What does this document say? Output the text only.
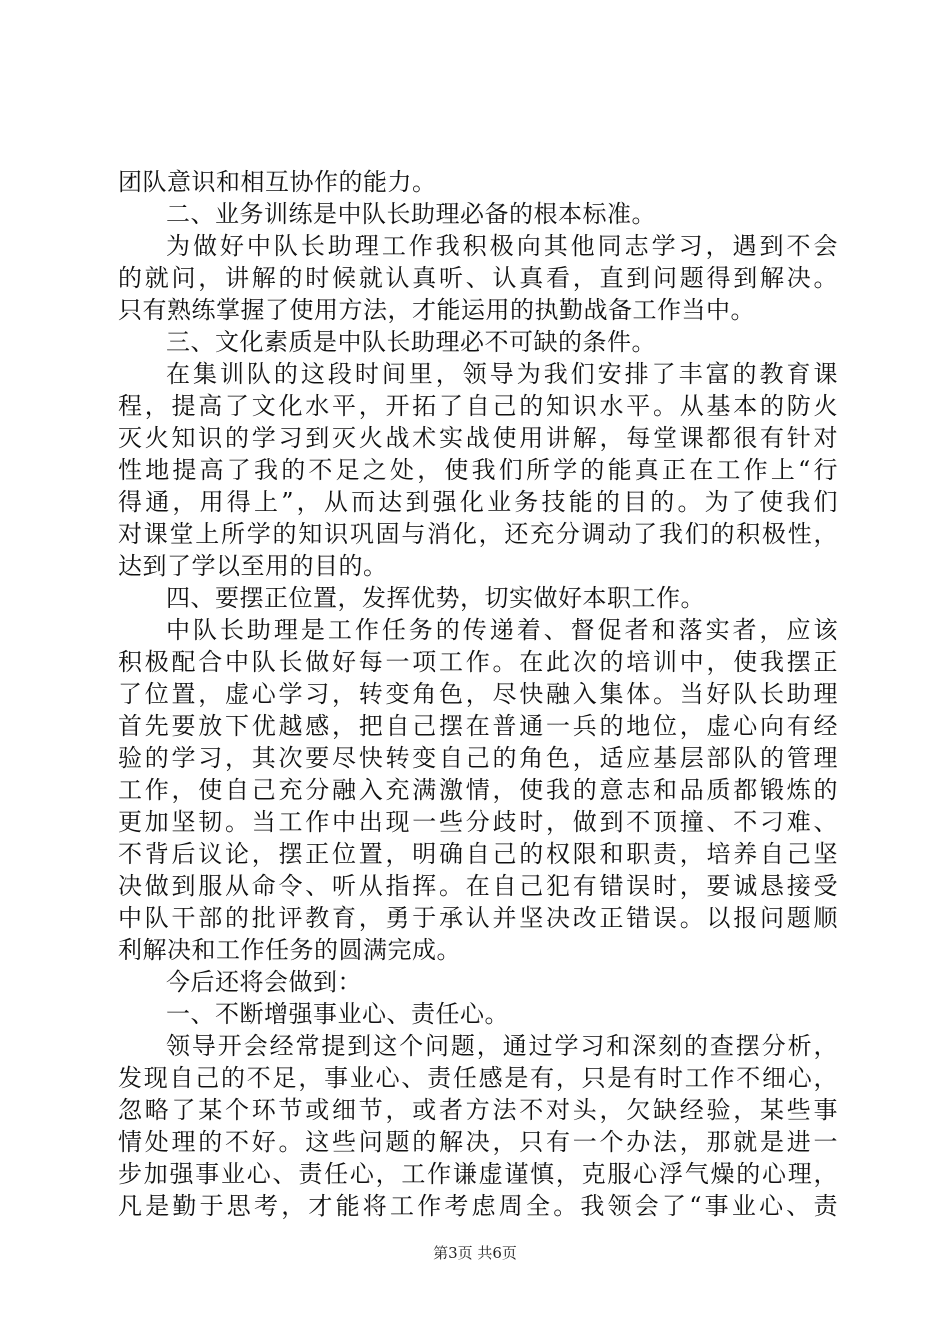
团队意识和相互协作的能力。
二、业务训练是中队长助理必备的根本标准。
为做好中队长助理工作我积极向其他同志学习，遇到不会
的就问，讲解的时候就认真听、认真看，直到问题得到解决。
只有熟练掌握了使用方法，才能运用的执勤战备工作当中。
三、文化素质是中队长助理必不可缺的条件。
在集训队的这段时间里，领导为我们安排了丰富的教育课
程，提高了文化水平，开拓了自己的知识水平。从基本的防火
灭火知识的学习到灭火战术实战使用讲解，每堂课都很有针对
性地提高了我的不足之处，使我们所学的能真正在工作上“行
得通，用得上”，从而达到强化业务技能的目的。为了使我们
对课堂上所学的知识巩固与消化，还充分调动了我们的积极性，
达到了学以至用的目的。
四、要摆正位置，发挥优势，切实做好本职工作。
中队长助理是工作任务的传递着、督促者和落实者，应该
积极配合中队长做好每一项工作。在此次的培训中，使我摆正
了位置，虚心学习，转变角色，尽快融入集体。当好队长助理
首先要放下优越感，把自己摆在普通一兵的地位，虚心向有经
验的学习，其次要尽快转变自己的角色，适应基层部队的管理
工作，使自己充分融入充满激情，使我的意志和品质都锻炼的
更加坚韧。当工作中出现一些分歧时，做到不顶撞、不刁难、
不背后议论，摆正位置，明确自己的权限和职责，培养自己坚
决做到服从命令、听从指挥。在自己犯有错误时，要诚恳接受
中队干部的批评教育，勇于承认并坚决改正错误。以报问题顺
利解决和工作任务的圆满完成。
今后还将会做到：
一、不断增强事业心、责任心。
领导开会经常提到这个问题，通过学习和深刻的查摆分析，
发现自己的不足，事业心、责任感是有，只是有时工作不细心，
忽略了某个环节或细节，或者方法不对头，欠缺经验，某些事
情处理的不好。这些问题的解决，只有一个办法，那就是进一
步加强事业心、责任心，工作谦虚谨慎，克服心浮气燥的心理，
凡是勤于思考，才能将工作考虑周全。我领会了“事业心、责
第3页 共6页
